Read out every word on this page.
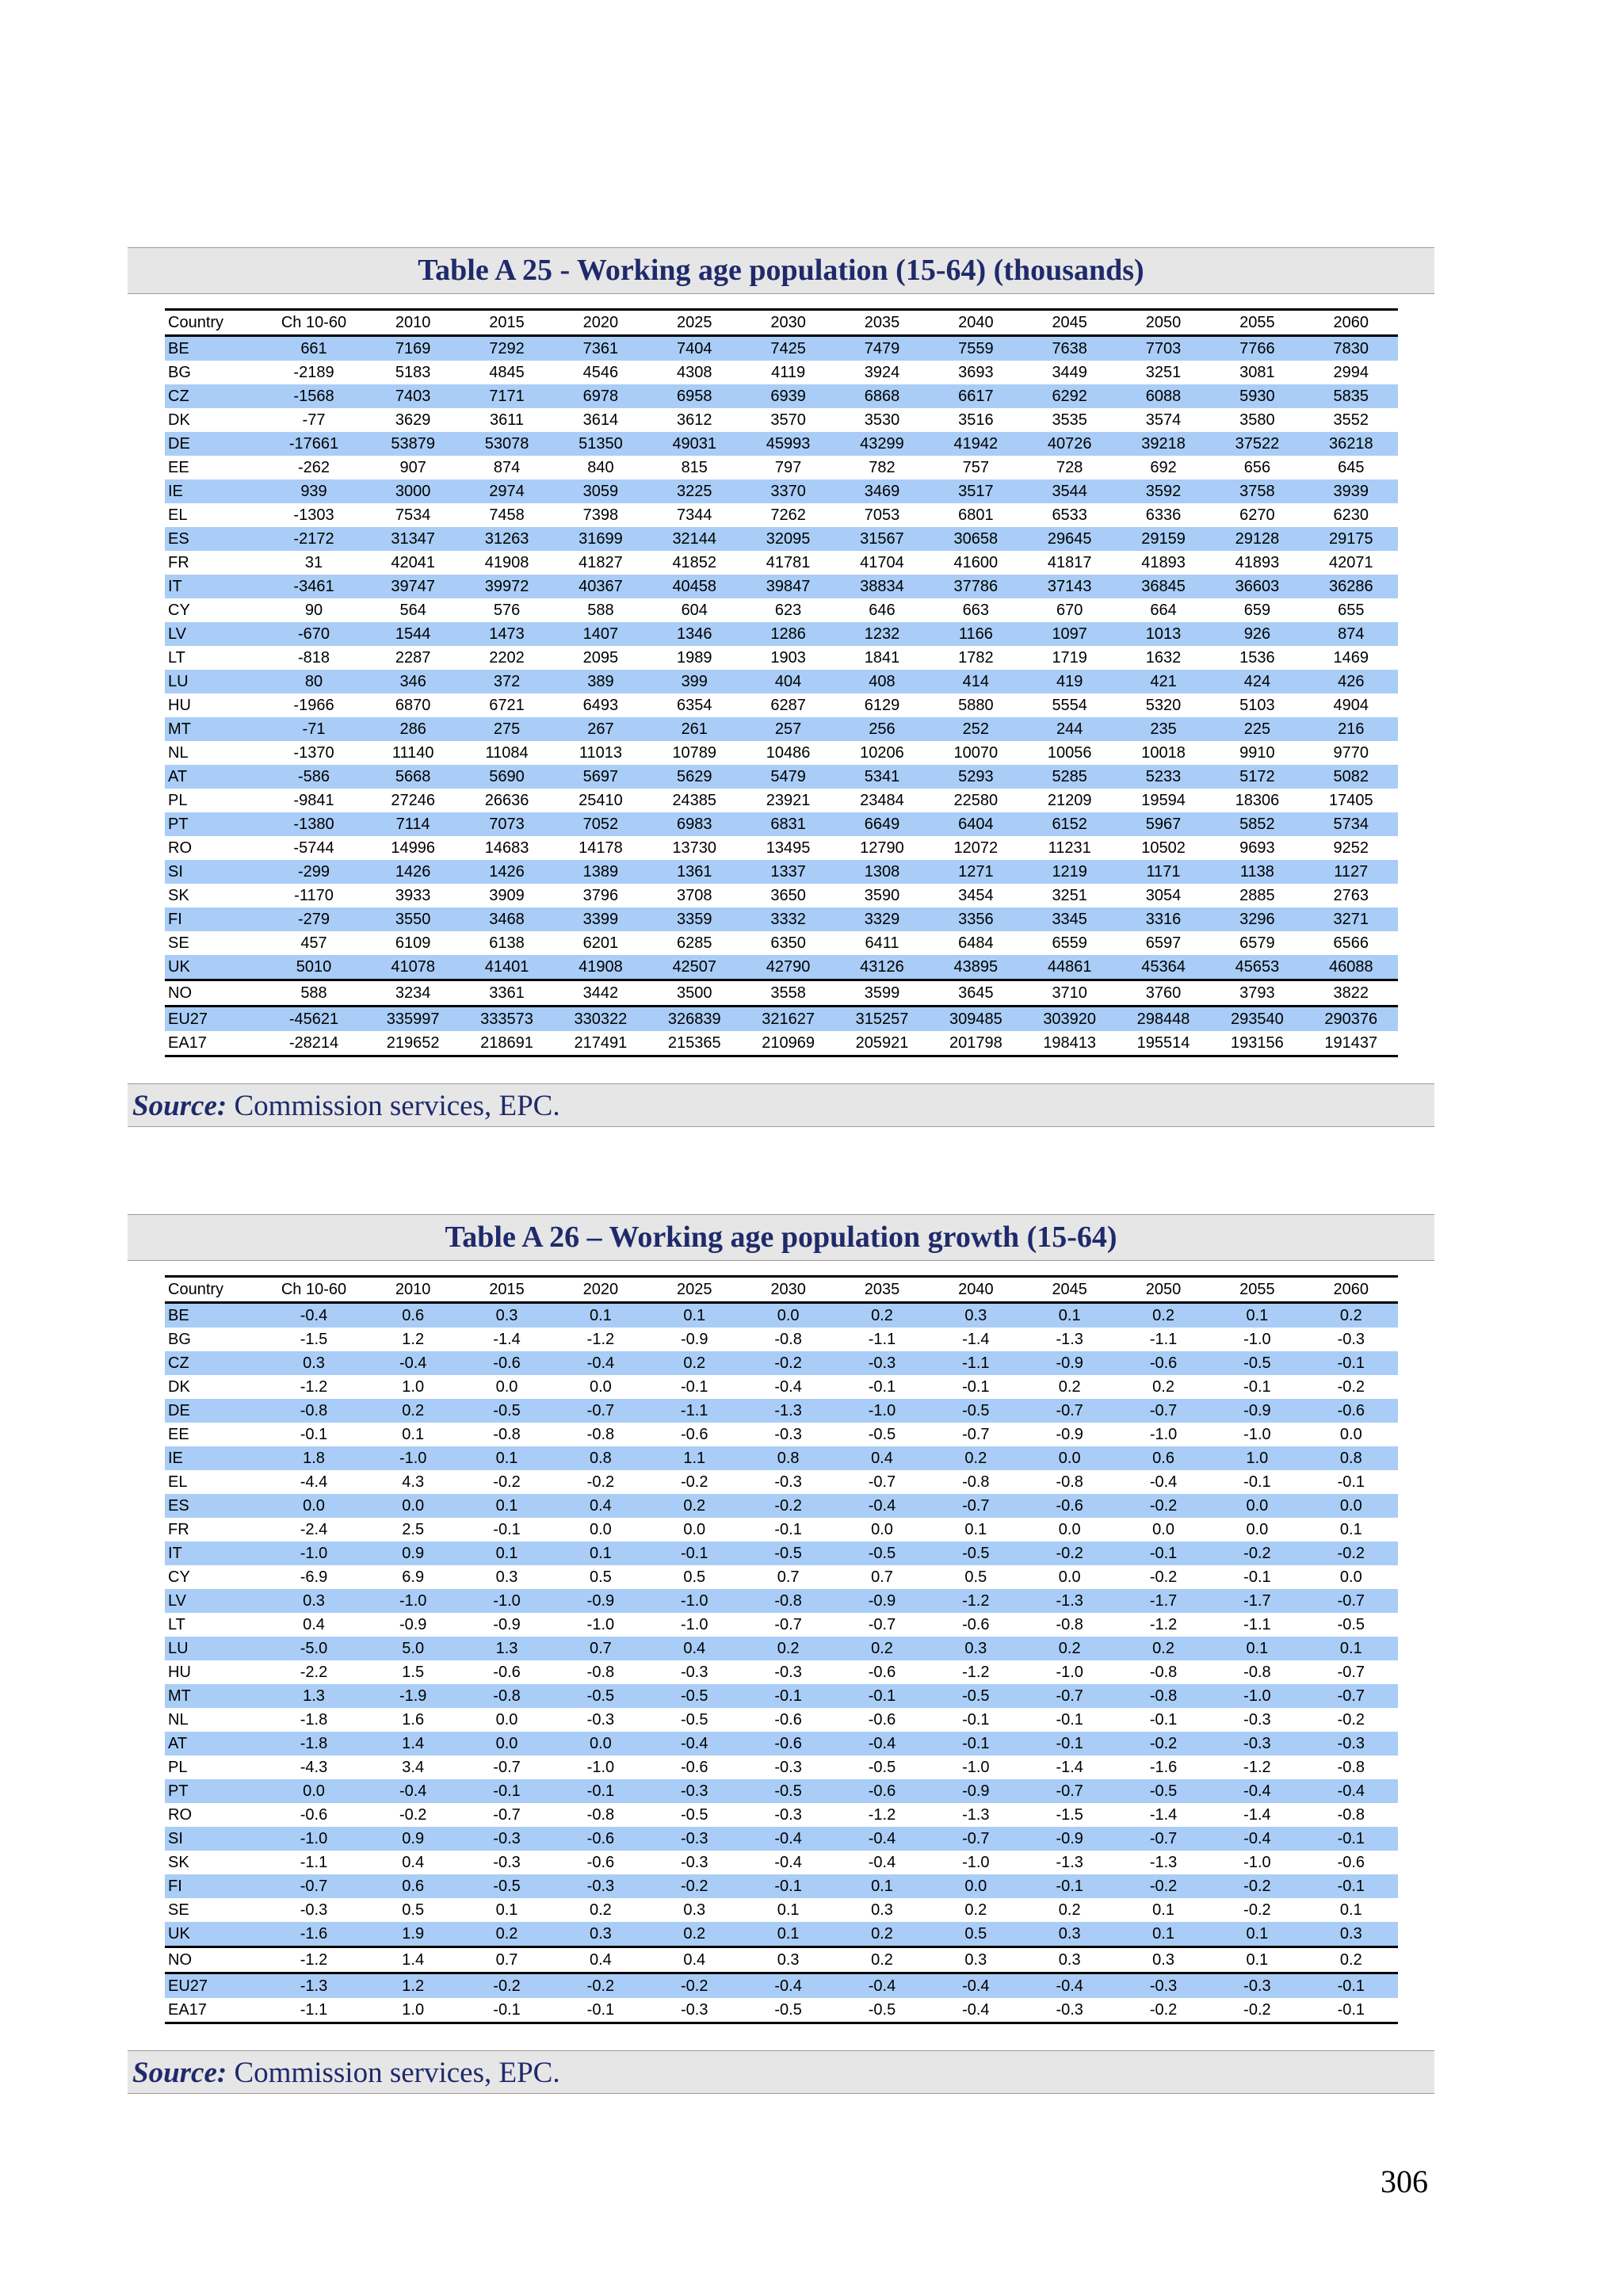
Table A 25 - Working age population (15-64) (thousands)
Country	Ch 10-60	2010	2015	2020	2025	2030	2035	2040	2045	2050	2055	2060
BE	661	7169	7292	7361	7404	7425	7479	7559	7638	7703	7766	7830
BG	-2189	5183	4845	4546	4308	4119	3924	3693	3449	3251	3081	2994
CZ	-1568	7403	7171	6978	6958	6939	6868	6617	6292	6088	5930	5835
DK	-77	3629	3611	3614	3612	3570	3530	3516	3535	3574	3580	3552
DE	-17661	53879	53078	51350	49031	45993	43299	41942	40726	39218	37522	36218
EE	-262	907	874	840	815	797	782	757	728	692	656	645
IE	939	3000	2974	3059	3225	3370	3469	3517	3544	3592	3758	3939
EL	-1303	7534	7458	7398	7344	7262	7053	6801	6533	6336	6270	6230
ES	-2172	31347	31263	31699	32144	32095	31567	30658	29645	29159	29128	29175
FR	31	42041	41908	41827	41852	41781	41704	41600	41817	41893	41893	42071
IT	-3461	39747	39972	40367	40458	39847	38834	37786	37143	36845	36603	36286
CY	90	564	576	588	604	623	646	663	670	664	659	655
LV	-670	1544	1473	1407	1346	1286	1232	1166	1097	1013	926	874
LT	-818	2287	2202	2095	1989	1903	1841	1782	1719	1632	1536	1469
LU	80	346	372	389	399	404	408	414	419	421	424	426
HU	-1966	6870	6721	6493	6354	6287	6129	5880	5554	5320	5103	4904
MT	-71	286	275	267	261	257	256	252	244	235	225	216
NL	-1370	11140	11084	11013	10789	10486	10206	10070	10056	10018	9910	9770
AT	-586	5668	5690	5697	5629	5479	5341	5293	5285	5233	5172	5082
PL	-9841	27246	26636	25410	24385	23921	23484	22580	21209	19594	18306	17405
PT	-1380	7114	7073	7052	6983	6831	6649	6404	6152	5967	5852	5734
RO	-5744	14996	14683	14178	13730	13495	12790	12072	11231	10502	9693	9252
SI	-299	1426	1426	1389	1361	1337	1308	1271	1219	1171	1138	1127
SK	-1170	3933	3909	3796	3708	3650	3590	3454	3251	3054	2885	2763
FI	-279	3550	3468	3399	3359	3332	3329	3356	3345	3316	3296	3271
SE	457	6109	6138	6201	6285	6350	6411	6484	6559	6597	6579	6566
UK	5010	41078	41401	41908	42507	42790	43126	43895	44861	45364	45653	46088
NO	588	3234	3361	3442	3500	3558	3599	3645	3710	3760	3793	3822
EU27	-45621	335997	333573	330322	326839	321627	315257	309485	303920	298448	293540	290376
EA17	-28214	219652	218691	217491	215365	210969	205921	201798	198413	195514	193156	191437
Source: Commission services, EPC.
Table A 26 – Working age population growth (15-64)
Country	Ch 10-60	2010	2015	2020	2025	2030	2035	2040	2045	2050	2055	2060
BE	-0.4	0.6	0.3	0.1	0.1	0.0	0.2	0.3	0.1	0.2	0.1	0.2
BG	-1.5	1.2	-1.4	-1.2	-0.9	-0.8	-1.1	-1.4	-1.3	-1.1	-1.0	-0.3
CZ	0.3	-0.4	-0.6	-0.4	0.2	-0.2	-0.3	-1.1	-0.9	-0.6	-0.5	-0.1
DK	-1.2	1.0	0.0	0.0	-0.1	-0.4	-0.1	-0.1	0.2	0.2	-0.1	-0.2
DE	-0.8	0.2	-0.5	-0.7	-1.1	-1.3	-1.0	-0.5	-0.7	-0.7	-0.9	-0.6
EE	-0.1	0.1	-0.8	-0.8	-0.6	-0.3	-0.5	-0.7	-0.9	-1.0	-1.0	0.0
IE	1.8	-1.0	0.1	0.8	1.1	0.8	0.4	0.2	0.0	0.6	1.0	0.8
EL	-4.4	4.3	-0.2	-0.2	-0.2	-0.3	-0.7	-0.8	-0.8	-0.4	-0.1	-0.1
ES	0.0	0.0	0.1	0.4	0.2	-0.2	-0.4	-0.7	-0.6	-0.2	0.0	0.0
FR	-2.4	2.5	-0.1	0.0	0.0	-0.1	0.0	0.1	0.0	0.0	0.0	0.1
IT	-1.0	0.9	0.1	0.1	-0.1	-0.5	-0.5	-0.5	-0.2	-0.1	-0.2	-0.2
CY	-6.9	6.9	0.3	0.5	0.5	0.7	0.7	0.5	0.0	-0.2	-0.1	0.0
LV	0.3	-1.0	-1.0	-0.9	-1.0	-0.8	-0.9	-1.2	-1.3	-1.7	-1.7	-0.7
LT	0.4	-0.9	-0.9	-1.0	-1.0	-0.7	-0.7	-0.6	-0.8	-1.2	-1.1	-0.5
LU	-5.0	5.0	1.3	0.7	0.4	0.2	0.2	0.3	0.2	0.2	0.1	0.1
HU	-2.2	1.5	-0.6	-0.8	-0.3	-0.3	-0.6	-1.2	-1.0	-0.8	-0.8	-0.7
MT	1.3	-1.9	-0.8	-0.5	-0.5	-0.1	-0.1	-0.5	-0.7	-0.8	-1.0	-0.7
NL	-1.8	1.6	0.0	-0.3	-0.5	-0.6	-0.6	-0.1	-0.1	-0.1	-0.3	-0.2
AT	-1.8	1.4	0.0	0.0	-0.4	-0.6	-0.4	-0.1	-0.1	-0.2	-0.3	-0.3
PL	-4.3	3.4	-0.7	-1.0	-0.6	-0.3	-0.5	-1.0	-1.4	-1.6	-1.2	-0.8
PT	0.0	-0.4	-0.1	-0.1	-0.3	-0.5	-0.6	-0.9	-0.7	-0.5	-0.4	-0.4
RO	-0.6	-0.2	-0.7	-0.8	-0.5	-0.3	-1.2	-1.3	-1.5	-1.4	-1.4	-0.8
SI	-1.0	0.9	-0.3	-0.6	-0.3	-0.4	-0.4	-0.7	-0.9	-0.7	-0.4	-0.1
SK	-1.1	0.4	-0.3	-0.6	-0.3	-0.4	-0.4	-1.0	-1.3	-1.3	-1.0	-0.6
FI	-0.7	0.6	-0.5	-0.3	-0.2	-0.1	0.1	0.0	-0.1	-0.2	-0.2	-0.1
SE	-0.3	0.5	0.1	0.2	0.3	0.1	0.3	0.2	0.2	0.1	-0.2	0.1
UK	-1.6	1.9	0.2	0.3	0.2	0.1	0.2	0.5	0.3	0.1	0.1	0.3
NO	-1.2	1.4	0.7	0.4	0.4	0.3	0.2	0.3	0.3	0.3	0.1	0.2
EU27	-1.3	1.2	-0.2	-0.2	-0.2	-0.4	-0.4	-0.4	-0.4	-0.3	-0.3	-0.1
EA17	-1.1	1.0	-0.1	-0.1	-0.3	-0.5	-0.5	-0.4	-0.3	-0.2	-0.2	-0.1
Source: Commission services, EPC.
306
